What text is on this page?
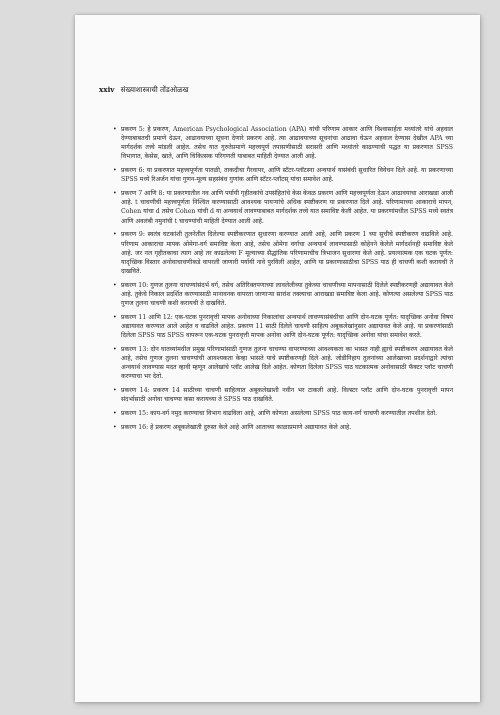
xxiv संख्याशास्त्राची तोंडओळख
• प्रकरण 5: हे प्रकरण, American Psychological Association (APA) यांची परिणाम आकार आणि विश्वासार्हता मध्यांतरे यांचे अहवाल देण्याबाबतची प्रमाणे देऊन, आढावयाच्या सूचना देणारे प्रकरण आहे. त्या आढावयाच्या सूचनांचा आढावा घेऊन अहवाल देण्यास देखील APA च्या मार्गदर्शक तत्त्वे मांडली आहेत. तसेच यात गुरुतेप्रमाणे महत्त्वपूर्ण तपासणीसाठी सरासरी आणि मध्यांतरे काढण्याची पद्धत या प्रकरणात SPSS विभागात, केसेस, खाते, आणि चिकित्सक परिगणती याबाबत माहिती देण्यात आली आहे.
• प्रकरण 6: या प्रकरणात महत्त्वपूर्णता पातळी, ताकदीचा गैरवापर, आणि स्टॅटर-प्लॉटस्ना अन्वयार्थ यासंबंधी सुधारित विवेचन दिले आहे. या प्रकरणाच्या SPSS मध्ये रिअर्जन यांचा गुणन-मूल्य सहसंबंध गुणांक आणि स्टॅटर-प्लॉटस् यांचा समावेश आहे.
• प्रकरण 7 आणि 8: या प्रकरणातील नव आणि पर्यायी गृहीतकांचे उपसंहितांचे केस केवळ प्रकरण आणि महत्त्वपूर्णता देऊन आढावयाचा आराखडा आली आहे. t चाचणीची महत्त्वपूर्णता निश्चित करण्यासाठी आवश्यक पायऱ्यांचे अधिक स्पष्टीकरण या प्रकरणात दिले आहे. परिणामाच्या आकाराचे मापन, Cohen यांचा d तसेच Cohen यांची d या अन्वयार्थ लावण्याबाबत मार्गदर्शक तत्त्वे यात समाविष्ट केली आहेत. या प्रकरणांमधील SPSS मध्ये स्वतंत्र आणि अवलंबी नमुनांची t चाचण्यांची माहिती देण्यात आली आहे.
• प्रकरण 9: स्वतंत्र घटकांशी तुलनेतील दिलेल्या स्पष्टीकरणात सुधारणा करण्यात आली आहे, आणि प्रकरण 1 च्या सुचीचे स्पष्टीकरण वाढविले आहे. परिणाम आकाराचा मापक ओमेगा-वर्ग समाविष्ट केला आहे, तसेच ओमेगा वर्गाचा अन्वयार्थ लावण्यासाठी कोहेनने केलेले मार्गदर्शनही समाविष्ट केले आहे. जर नल गृहीतकाचा त्याग आहे तर काढलेल्या F मूल्याच्या सैद्धांतिक परिणामाचीच त्रिभाजन सुधारणा केले आहे. प्रयत्नात्मक एक घटक पूर्णत: यादृच्छिक विस्तार अनोवाचाचणीकडे वापरली जाणारी पर्यायी नावे पुरविली आहेत, आणि या प्रकरणासाठीचा SPSS पाठ ही चाचणी कशी करायची ते दाखविते.
• प्रकरण 10: गुणज तुलना चाचण्यांसंदर्भ वर्ग, तसेच अतिरिक्तपणाच्या लावलेलीच्या तुकेच्या चाचणीच्या मापनासाठी दिलेले स्पष्टीकरणही अद्यायावत केले आहे. तुकेचे निकाल प्रदर्शित करण्यासाठी मानावनक वापरता जाणाऱ्या सारांश तक्त्याचा आराखडा समाविष्ट केला आहे. कोणत्या असलेल्या SPSS पाठ गुणज तुलना चाचणी कशी करायची ते दाखविते.
• प्रकरण 11 आणि 12: एक-घटक पुनरावृत्ती मापक अनोवाच्या निकालांचा अन्वयार्थ लावण्यासंबंधीचा आणि दोन-घटक पूर्णत: यादृच्छिक अनोवा विषय अद्यायावत करण्यात आले आहेत व वाढविले आहेत. प्रकरण 11 साठी दिलेले चाचणी साहित्य अबूकलेखांनुसार अद्यायावत केले आहे. या प्रकरणांसाठी दिलेला SPSS पाठ SPSS वापरून एक-घटक पुनरावृत्ती मापक अनोवा आणि दोन-घटक पूर्णत: यादृच्छिक अनोवा यांचा समावेश करते.
• प्रकरण 13: दोन घातव्यांमधील प्रमुख परिणामांसाठी गुणज तुलना चाचण्या वापरण्याच्या आवश्यकता का भासत नाही ह्याचे स्पष्टीकरण अद्यायावत केले आहे, तसेच गुणज तुलना चाचण्यांची आवश्यकता केव्हा भासते याचे स्पष्टीकरणही दिले आहे. जोडीनिहाय तुलनांच्या आलेखाच्या प्रदर्शनाद्वारे त्यांचा अन्वयार्थ लावण्यास मदत व्हावी म्हणून आलेखांचे प्लॉट आलेख दिले आहेत. कोणता दिलेला SPSS पाठ घटकात्मक अनोवासाठी फॅक्टर प्लॉट चाचणी करण्याचा भर देतो.
• प्रकरण 14: प्रकरण 14 साठीच्या चाचणी साहित्यात अबूकलेखाशी नवीन भर टाकली आहे. विल्स्टर प्लॉट आणि दोन-घटक पुनरावृत्ती मापन संदर्भासाठी अनोवा चाचण्या कसा करायच्या ते SPSS पाठ दाखविते.
• प्रकरण 15: काय-वर्ग नमुद करण्याचा विभाग वाढविला आहे, आणि कोणता असलेल्या SPSS पाठ काय-वर्ग चाचणी करण्यातील तपशील देतो.
• प्रकरण 16: हे प्रकरण अबूकलेखाती दुरुस्त केले आहे आणि आताच्या काळाप्रमाणे अद्यायावत केले आहे.
